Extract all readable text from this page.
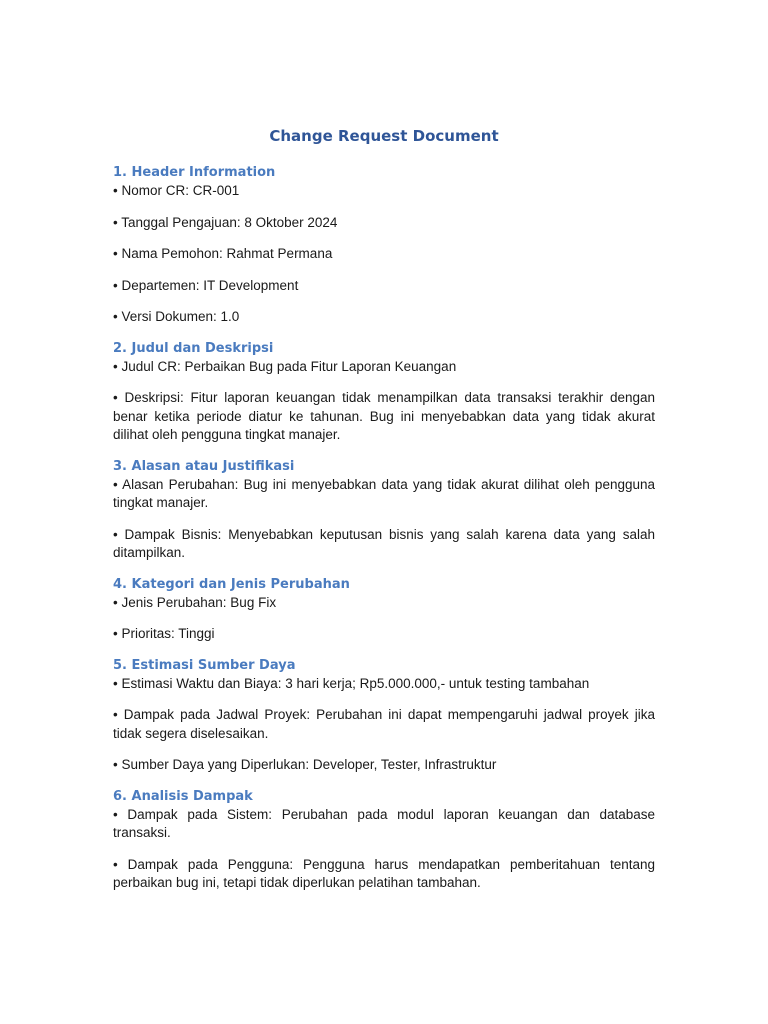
Change Request Document
1. Header Information

• Nomor CR: CR-001

• Tanggal Pengajuan: 8 Oktober 2024

• Nama Pemohon: Rahmat Permana

• Departemen: IT Development

• Versi Dokumen: 1.0

2. Judul dan Deskripsi

• Judul CR: Perbaikan Bug pada Fitur Laporan Keuangan

• Deskripsi: Fitur laporan keuangan tidak menampilkan data transaksi terakhir dengan benar ketika periode diatur ke tahunan. Bug ini menyebabkan data yang tidak akurat dilihat oleh pengguna tingkat manajer.

3. Alasan atau Justifikasi

• Alasan Perubahan: Bug ini menyebabkan data yang tidak akurat dilihat oleh pengguna tingkat manajer.

• Dampak Bisnis: Menyebabkan keputusan bisnis yang salah karena data yang salah ditampilkan.

4. Kategori dan Jenis Perubahan

• Jenis Perubahan: Bug Fix

• Prioritas: Tinggi

5. Estimasi Sumber Daya

• Estimasi Waktu dan Biaya: 3 hari kerja; Rp5.000.000,- untuk testing tambahan

• Dampak pada Jadwal Proyek: Perubahan ini dapat mempengaruhi jadwal proyek jika tidak segera diselesaikan.

• Sumber Daya yang Diperlukan: Developer, Tester, Infrastruktur

6. Analisis Dampak

• Dampak pada Sistem: Perubahan pada modul laporan keuangan dan database transaksi.

• Dampak pada Pengguna: Pengguna harus mendapatkan pemberitahuan tentang perbaikan bug ini, tetapi tidak diperlukan pelatihan tambahan.
